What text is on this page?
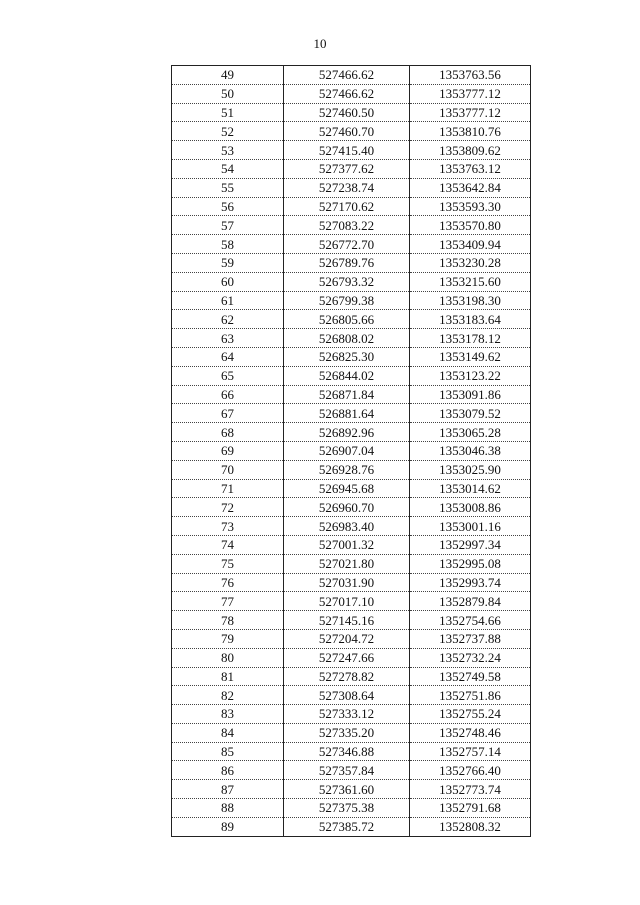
10
49	527466.62	1353763.56
50	527466.62	1353777.12
51	527460.50	1353777.12
52	527460.70	1353810.76
53	527415.40	1353809.62
54	527377.62	1353763.12
55	527238.74	1353642.84
56	527170.62	1353593.30
57	527083.22	1353570.80
58	526772.70	1353409.94
59	526789.76	1353230.28
60	526793.32	1353215.60
61	526799.38	1353198.30
62	526805.66	1353183.64
63	526808.02	1353178.12
64	526825.30	1353149.62
65	526844.02	1353123.22
66	526871.84	1353091.86
67	526881.64	1353079.52
68	526892.96	1353065.28
69	526907.04	1353046.38
70	526928.76	1353025.90
71	526945.68	1353014.62
72	526960.70	1353008.86
73	526983.40	1353001.16
74	527001.32	1352997.34
75	527021.80	1352995.08
76	527031.90	1352993.74
77	527017.10	1352879.84
78	527145.16	1352754.66
79	527204.72	1352737.88
80	527247.66	1352732.24
81	527278.82	1352749.58
82	527308.64	1352751.86
83	527333.12	1352755.24
84	527335.20	1352748.46
85	527346.88	1352757.14
86	527357.84	1352766.40
87	527361.60	1352773.74
88	527375.38	1352791.68
89	527385.72	1352808.32
